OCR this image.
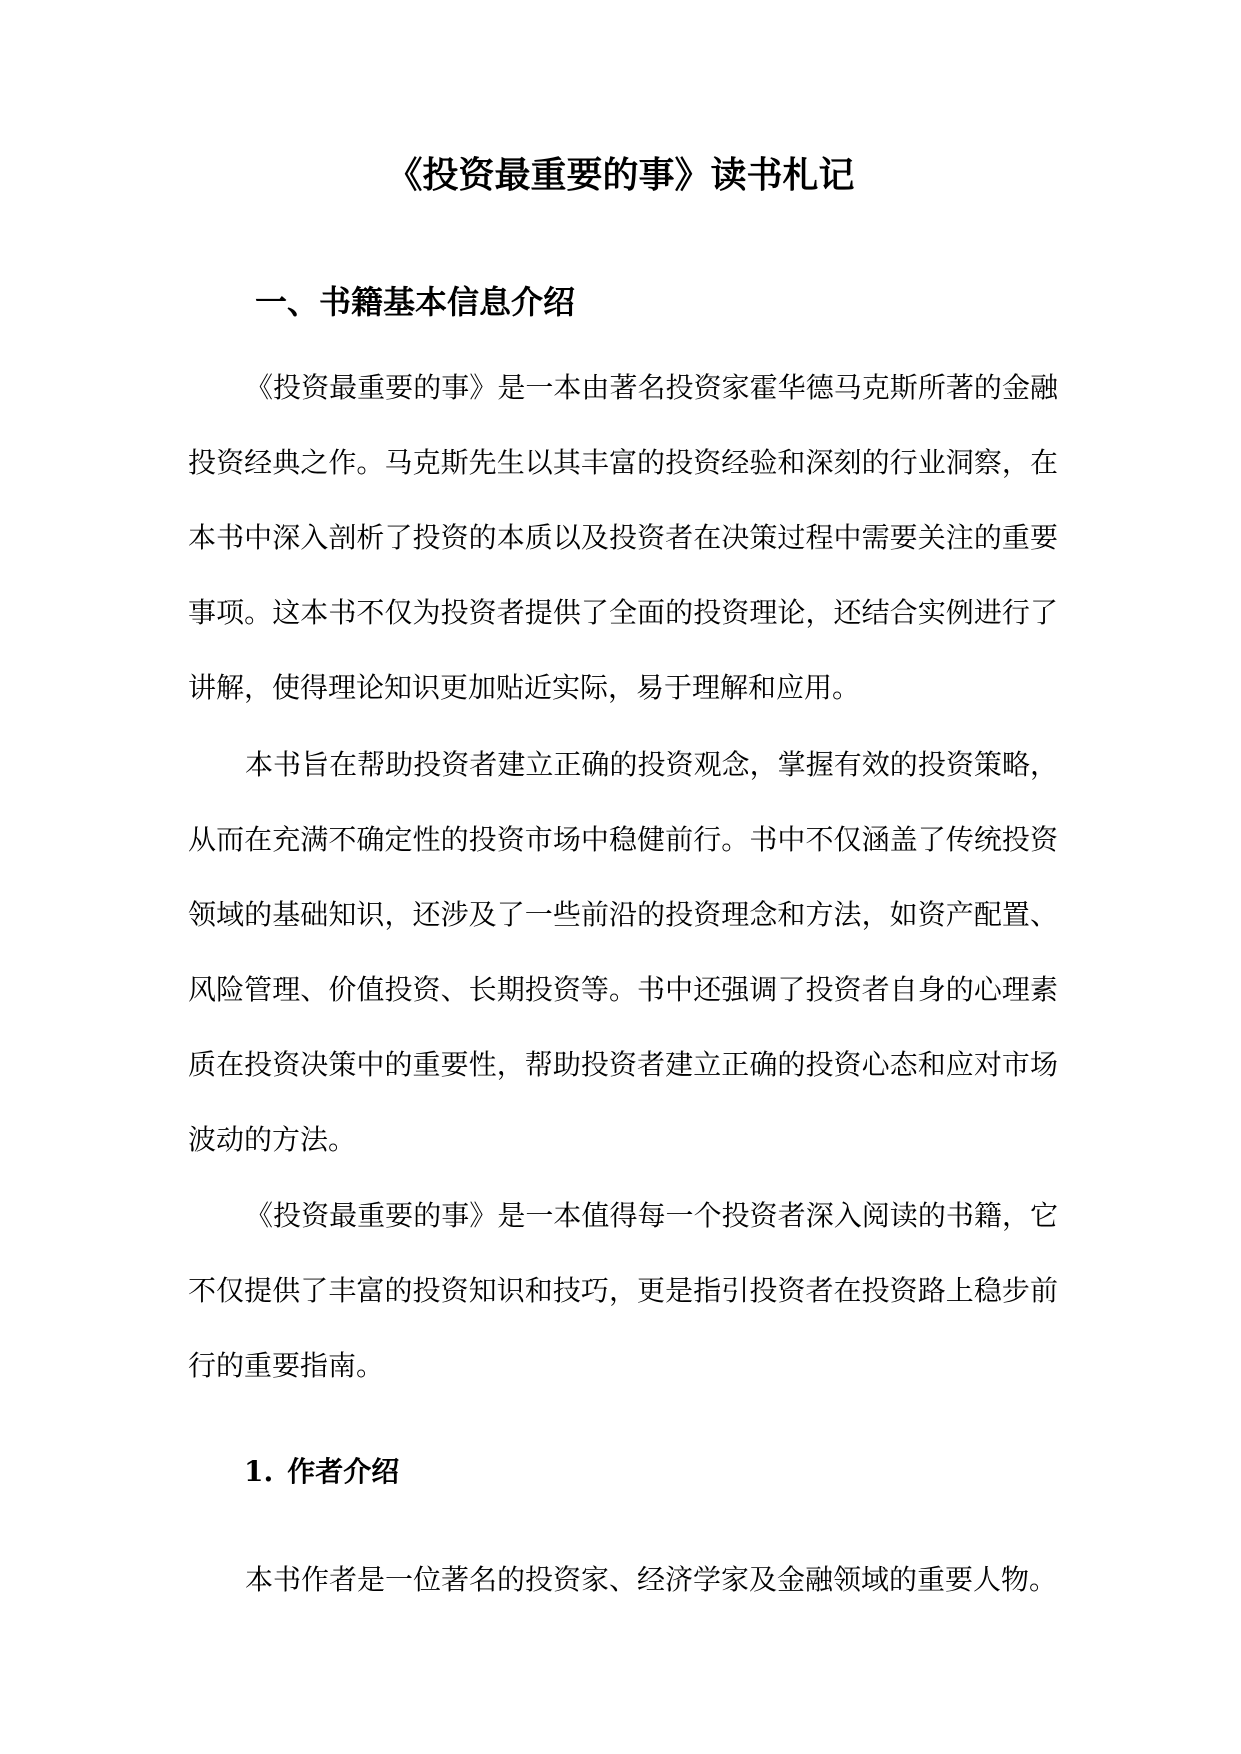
《投资最重要的事》读书札记
一、书籍基本信息介绍

《投资最重要的事》是一本由著名投资家霍华德马克斯所著的金融投资经典之作。马克斯先生以其丰富的投资经验和深刻的行业洞察，在本书中深入剖析了投资的本质以及投资者在决策过程中需要关注的重要事项。这本书不仅为投资者提供了全面的投资理论，还结合实例进行了讲解，使得理论知识更加贴近实际，易于理解和应用。

本书旨在帮助投资者建立正确的投资观念，掌握有效的投资策略，从而在充满不确定性的投资市场中稳健前行。书中不仅涵盖了传统投资领域的基础知识，还涉及了一些前沿的投资理念和方法，如资产配置、风险管理、价值投资、长期投资等。书中还强调了投资者自身的心理素质在投资决策中的重要性，帮助投资者建立正确的投资心态和应对市场波动的方法。

《投资最重要的事》是一本值得每一个投资者深入阅读的书籍，它不仅提供了丰富的投资知识和技巧，更是指引投资者在投资路上稳步前行的重要指南。

1. 作者介绍

本书作者是一位著名的投资家、经济学家及金融领域的重要人物。
